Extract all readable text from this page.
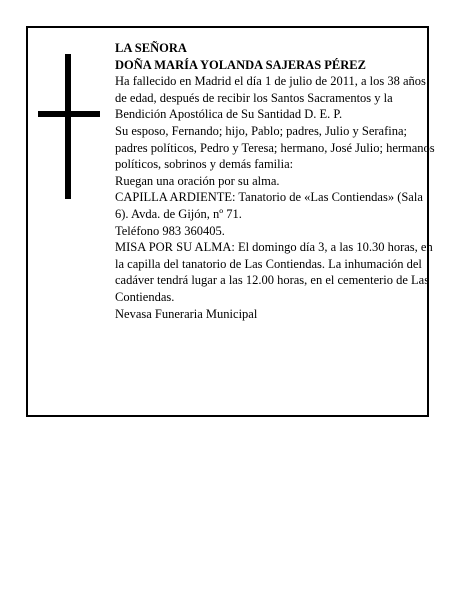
LA SEÑORA

DOÑA MARÍA YOLANDA SAJERAS PÉREZ

Ha fallecido en Madrid el día 1 de julio de 2011, a los 38 años de edad, después de recibir los Santos Sacramentos y la Bendición Apostólica de Su Santidad D. E. P.

Su esposo, Fernando; hijo, Pablo; padres, Julio y Serafina; padres políticos, Pedro y Teresa; hermano, José Julio; hermanos políticos, sobrinos y demás familia:

Ruegan una oración por su alma.

CAPILLA ARDIENTE: Tanatorio de «Las Contiendas» (Sala 6). Avda. de Gijón, nº 71.

Teléfono 983 360405.

MISA POR SU ALMA: El domingo día 3, a las 10.30 horas, en la capilla del tanatorio de Las Contiendas. La inhumación del cadáver tendrá lugar a las 12.00 horas, en el cementerio de Las Contiendas.

Nevasa Funeraria Municipal
